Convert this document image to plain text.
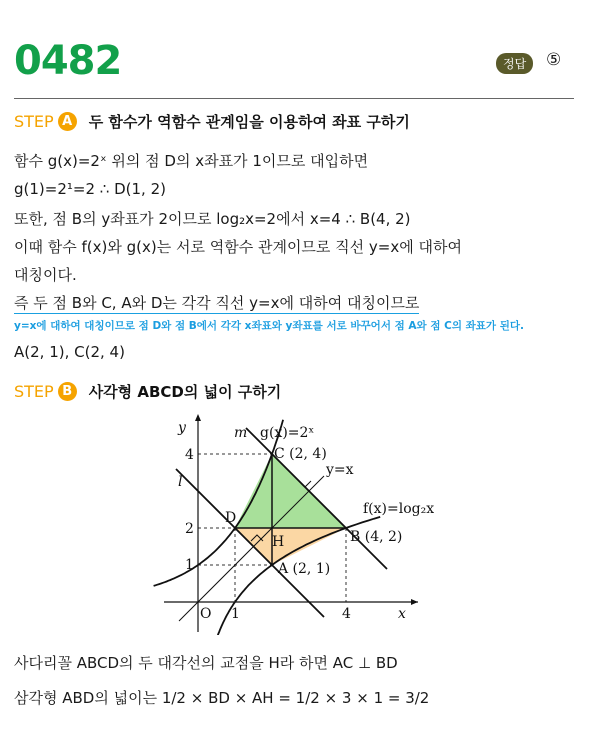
0482	정답	⑤
STEP A 두 함수가 역함수 관계임을 이용하여 좌표 구하기
함수 g(x)=2ˣ 위의 점 D의 x좌표가 1이므로 대입하면
g(1)=2¹=2 ∴ D(1, 2)
또한, 점 B의 y좌표가 2이므로 log₂x=2에서 x=4 ∴ B(4, 2)
이때 함수 f(x)와 g(x)는 서로 역함수 관계이므로 직선 y=x에 대하여
대칭이다.
즉 두 점 B와 C, A와 D는 각각 직선 y=x에 대하여 대칭이므로
y=x에 대하여 대칭이므로 점 D와 점 B에서 각각 x좌표와 y좌표를 서로 바꾸어서 점 A와 점 C의 좌표가 된다.
A(2, 1), C(2, 4)
STEP B	사각형 ABCD의 넓이 구하기
y
x
O 1	4
1
2
4
m
l
g(x)=2ˣ
f(x)=log₂x
y=x
C (2, 4)
B (4, 2)
A (2, 1)
D
H
사다리꼴 ABCD의 두 대각선의 교점을 H라 하면 AC ⊥ BD
삼각형 ABD의 넓이는 1/2 × BD × AH = 1/2 × 3 × 1 = 3/2
